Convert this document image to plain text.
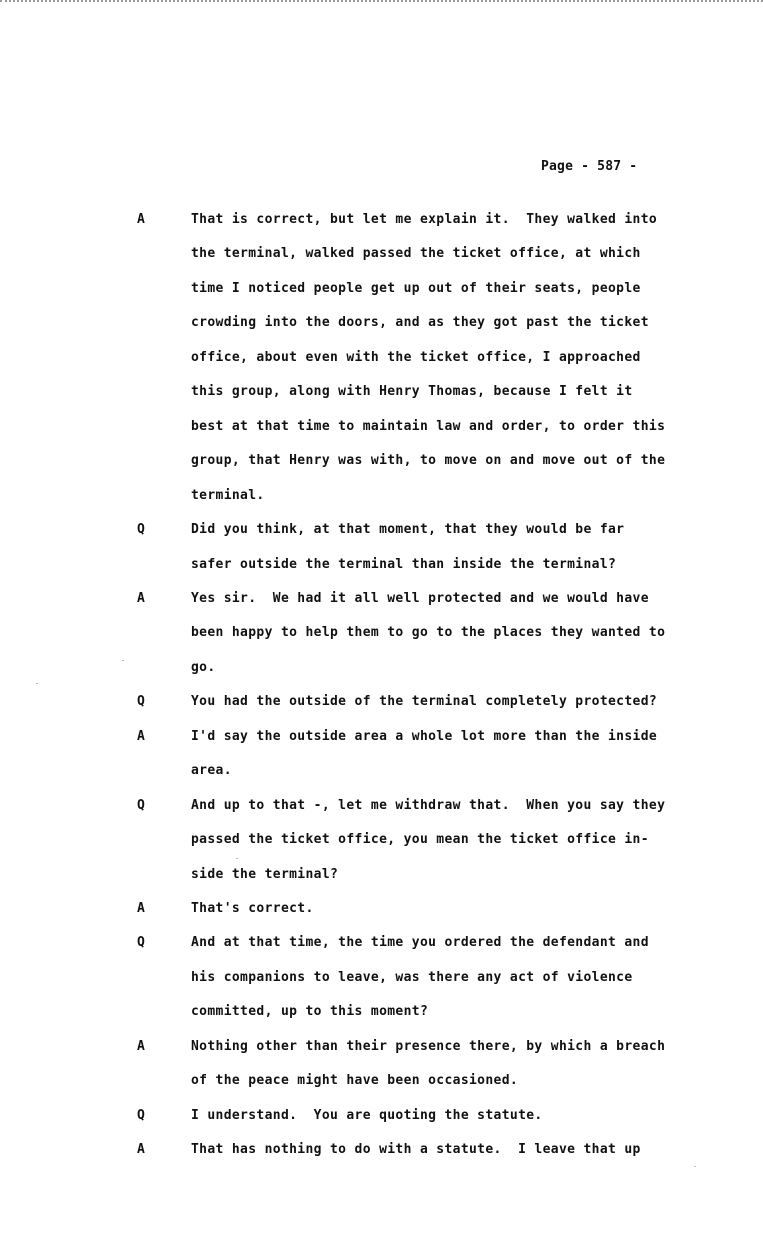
Page - 587 -
A	That is correct, but let me explain it.  They walked into
the terminal, walked passed the ticket office, at which
time I noticed people get up out of their seats, people
crowding into the doors, and as they got past the ticket
office, about even with the ticket office, I approached
this group, along with Henry Thomas, because I felt it
best at that time to maintain law and order, to order this
group, that Henry was with, to move on and move out of the
terminal.
Q	Did you think, at that moment, that they would be far
safer outside the terminal than inside the terminal?
A	Yes sir.  We had it all well protected and we would have
been happy to help them to go to the places they wanted to
go.
Q	You had the outside of the terminal completely protected?
A	I'd say the outside area a whole lot more than the inside
area.
Q	And up to that -, let me withdraw that.  When you say they
passed the ticket office, you mean the ticket office in-
side the terminal?
A	That's correct.
Q	And at that time, the time you ordered the defendant and
his companions to leave, was there any act of violence
committed, up to this moment?
A	Nothing other than their presence there, by which a breach
of the peace might have been occasioned.
Q	I understand.  You are quoting the statute.
A	That has nothing to do with a statute.  I leave that up
